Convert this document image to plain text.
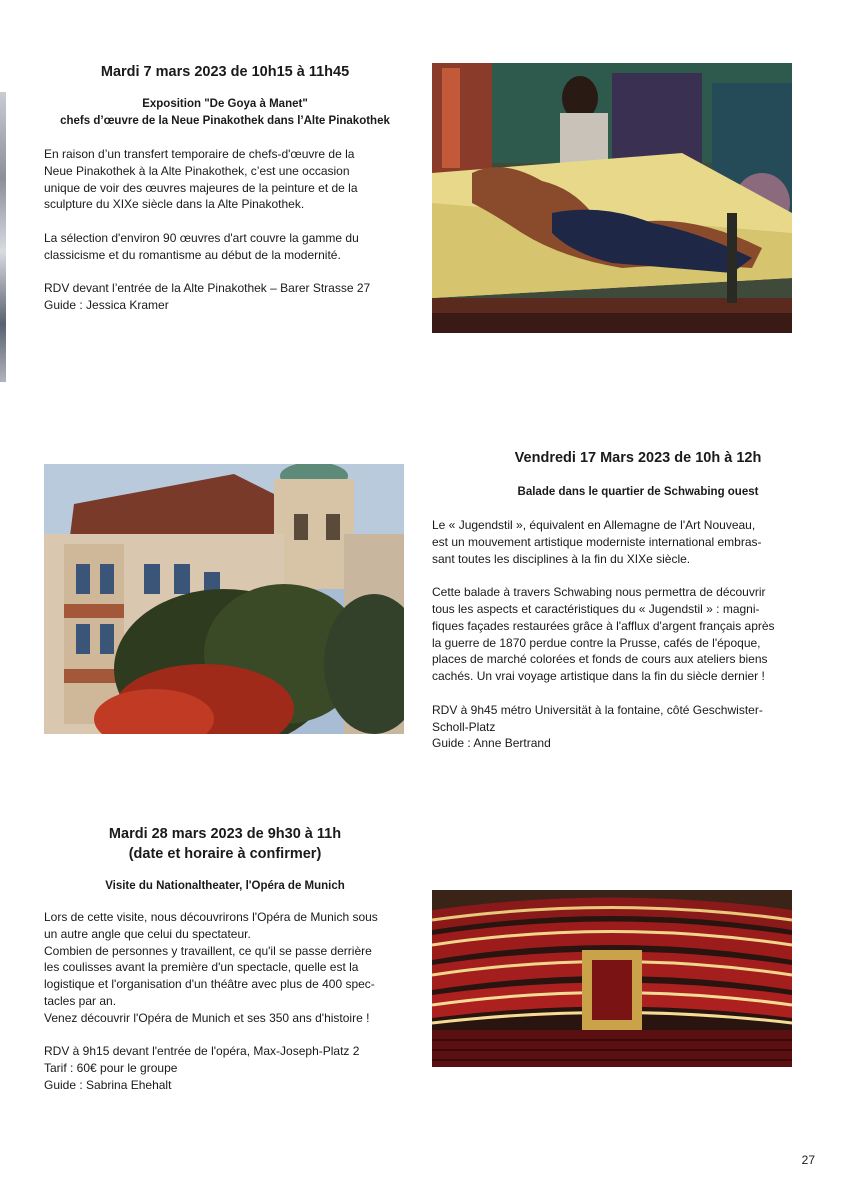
Mardi 7 mars 2023 de 10h15 à 11h45

Exposition "De Goya à Manet"

chefs d’œuvre de la Neue Pinakothek dans l’Alte Pinakothek

En raison d’un transfert temporaire de chefs-d'œuvre de la

Neue Pinakothek à la Alte Pinakothek, c’est une occasion

unique de voir des œuvres majeures de la peinture et de la

sculpture du XIXe siècle dans la Alte Pinakothek.

La sélection d'environ 90 œuvres d'art couvre la gamme du

classicisme et du romantisme au début de la modernité.

RDV devant l’entrée de la Alte Pinakothek – Barer Strasse 27

Guide : Jessica Kramer

Vendredi 17 Mars 2023 de 10h à 12h

Balade dans le quartier de Schwabing ouest

Le « Jugendstil », équivalent en Allemagne de l'Art Nouveau,

est un mouvement artistique moderniste international embras-

sant toutes les disciplines à la fin du XIXe siècle.

Cette balade à travers Schwabing nous permettra de découvrir

tous les aspects et caractéristiques du « Jugendstil » : magni-

fiques façades restaurées grâce à l'afflux d'argent français après

la guerre de 1870 perdue contre la Prusse, cafés de l'époque,

places de marché colorées et fonds de cours aux ateliers biens

cachés. Un vrai voyage artistique dans la fin du siècle dernier !

RDV à 9h45 métro Universität à la fontaine, côté Geschwister-

Scholl-Platz

Guide : Anne Bertrand

Mardi 28 mars 2023 de 9h30 à 11h

(date et horaire à confirmer)

Visite du Nationaltheater, l'Opéra de Munich

Lors de cette visite, nous découvrirons l'Opéra de Munich sous

un autre angle que celui du spectateur.

Combien de personnes y travaillent, ce qu'il se passe derrière

les coulisses avant la première d'un spectacle, quelle est la

logistique et l'organisation d'un théâtre avec plus de 400 spec-

tacles par an.

Venez découvrir l'Opéra de Munich et ses 350 ans d'histoire !

RDV à 9h15 devant l'entrée de l'opéra, Max-Joseph-Platz 2

Tarif : 60€ pour le groupe

Guide : Sabrina Ehehalt

27
